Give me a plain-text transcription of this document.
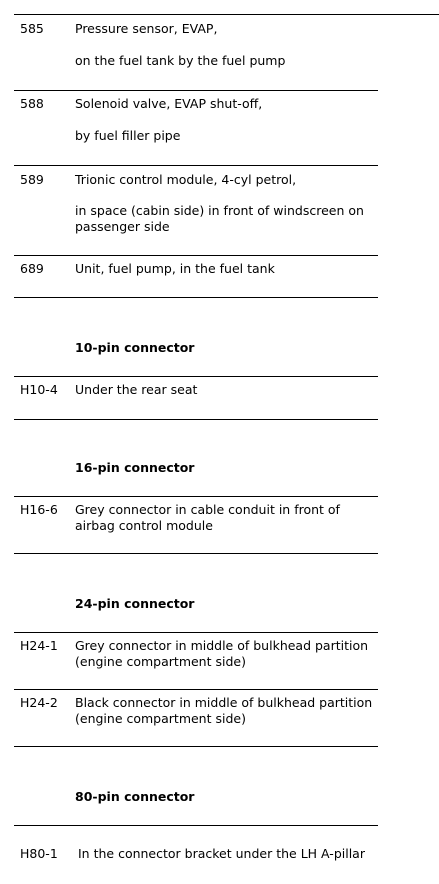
585 Pressure sensor, EVAP,
on the fuel tank by the fuel pump
588 Solenoid valve, EVAP shut-off,
by fuel filler pipe
589 Trionic control module, 4-cyl petrol,
in space (cabin side) in front of windscreen on passenger side
689 Unit, fuel pump, in the fuel tank
10-pin connector
H10-4 Under the rear seat
16-pin connector
H16-6 Grey connector in cable conduit in front of airbag control module
24-pin connector
H24-1 Grey connector in middle of bulkhead partition (engine compartment side)
H24-2 Black connector in middle of bulkhead partition (engine compartment side)
80-pin connector
H80-1 In the connector bracket under the LH A-pillar
